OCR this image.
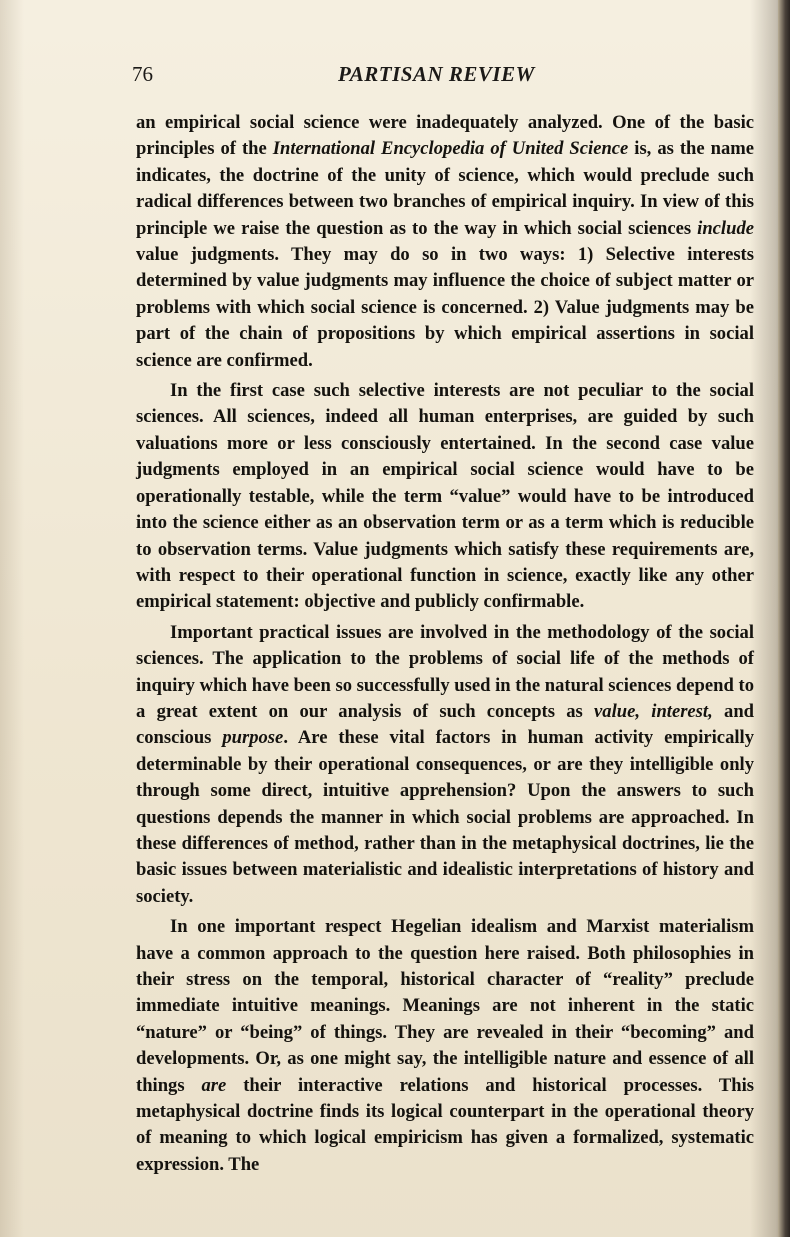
76	PARTISAN REVIEW

an empirical social science were inadequately analyzed. One of the basic principles of the International Encyclopedia of United Science is, as the name indicates, the doctrine of the unity of science, which would preclude such radical differences between two branches of empirical inquiry. In view of this principle we raise the question as to the way in which social sciences include value judgments. They may do so in two ways: 1) Selective interests determined by value judgments may influence the choice of subject matter or problems with which social science is concerned. 2) Value judgments may be part of the chain of propositions by which empirical assertions in social science are confirmed.

In the first case such selective interests are not peculiar to the social sciences. All sciences, indeed all human enterprises, are guided by such valuations more or less consciously entertained. In the second case value judgments employed in an empirical social science would have to be operationally testable, while the term “value” would have to be introduced into the science either as an observation term or as a term which is reducible to observation terms. Value judgments which satisfy these requirements are, with respect to their operational function in science, exactly like any other empirical statement: objective and publicly confirmable.

Important practical issues are involved in the methodology of the social sciences. The application to the problems of social life of the methods of inquiry which have been so successfully used in the natural sciences depend to a great extent on our analysis of such concepts as value, interest, and conscious purpose. Are these vital factors in human activity empirically determinable by their operational consequences, or are they intelligible only through some direct, intuitive apprehension? Upon the answers to such questions depends the manner in which social problems are approached. In these differences of method, rather than in the metaphysical doctrines, lie the basic issues between materialistic and idealistic interpretations of history and society.

In one important respect Hegelian idealism and Marxist materialism have a common approach to the question here raised. Both philosophies in their stress on the temporal, historical character of “reality” preclude immediate intuitive meanings. Meanings are not inherent in the static “nature” or “being” of things. They are revealed in their “becoming” and developments. Or, as one might say, the intelligible nature and essence of all things are their interactive relations and historical processes. This metaphysical doctrine finds its logical counterpart in the operational theory of meaning to which logical empiricism has given a formalized, systematic expression. The
